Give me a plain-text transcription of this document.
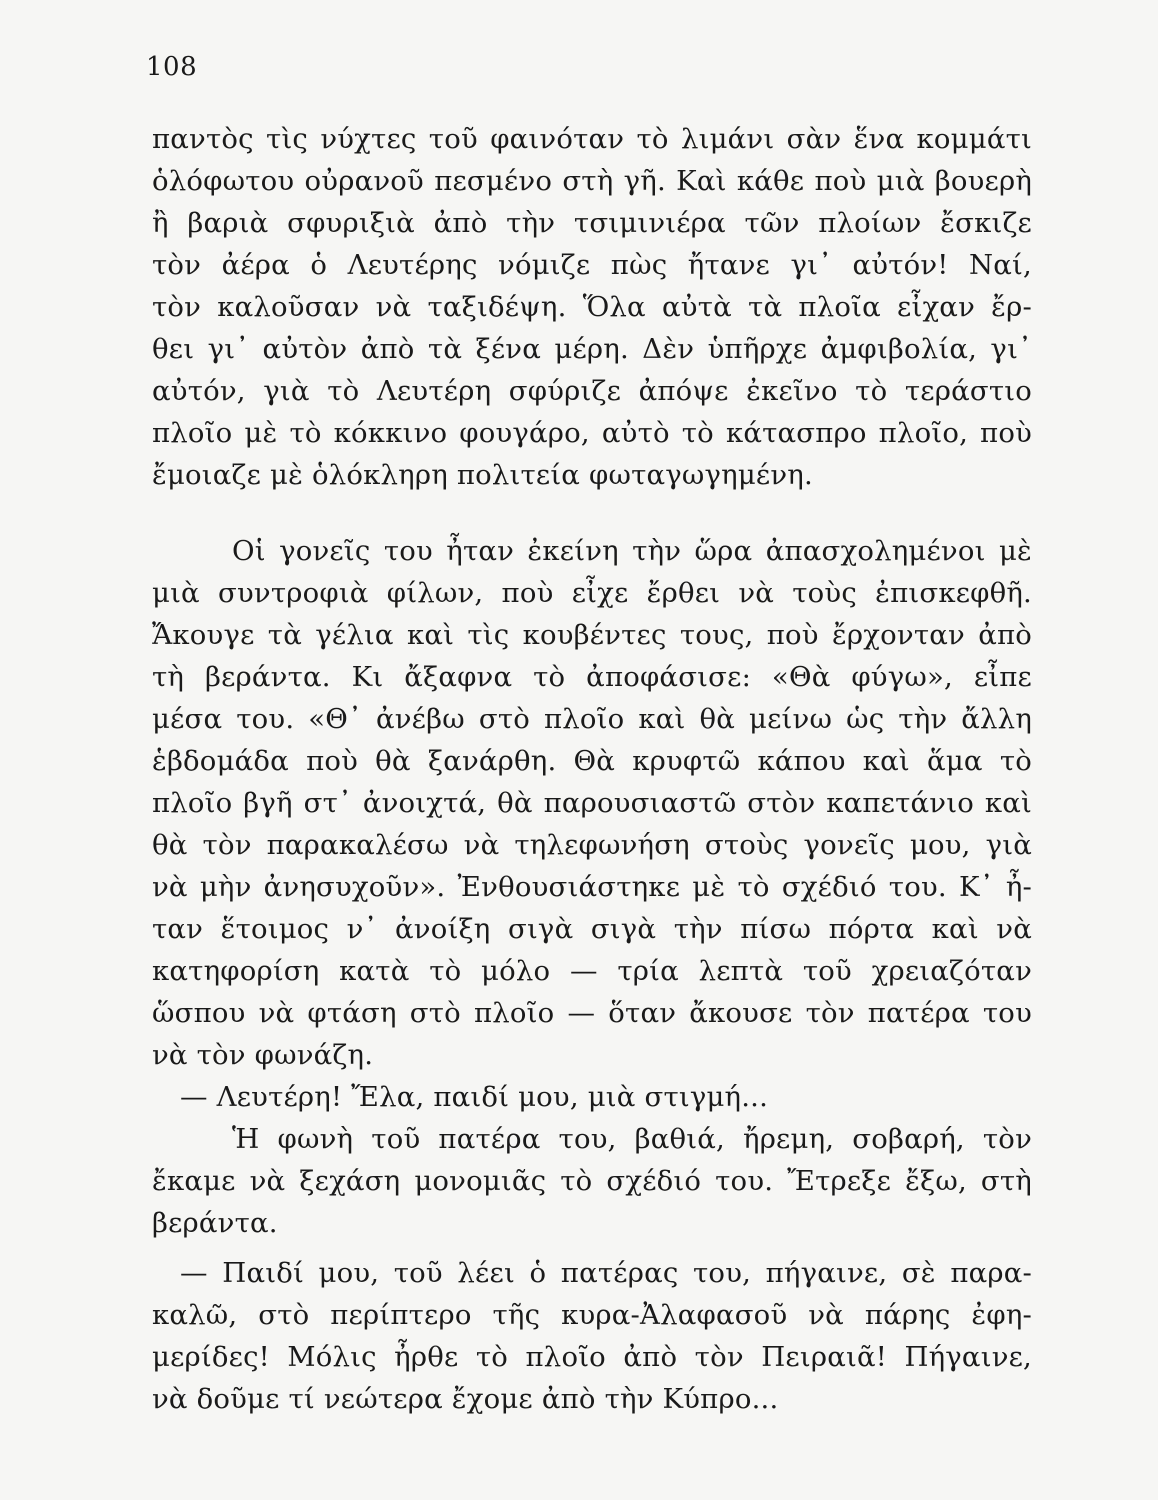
108

παντὸς τὶς νύχτες τοῦ φαινόταν τὸ λιμάνι σὰν ἕνα κομμάτι
ὁλόφωτου οὐρανοῦ πεσμένο στὴ γῆ. Καὶ κάθε ποὺ μιὰ βουερὴ
ἢ βαριὰ σφυριξιὰ ἀπὸ τὴν τσιμινιέρα τῶν πλοίων ἔσκιζε
τὸν ἀέρα ὁ Λευτέρης νόμιζε πὼς ἤτανε γι᾿ αὐτόν! Ναί,
τὸν καλοῦσαν νὰ ταξιδέψη. Ὅλα αὐτὰ τὰ πλοῖα εἶχαν ἔρ-
θει γι᾿ αὐτὸν ἀπὸ τὰ ξένα μέρη. Δὲν ὑπῆρχε ἀμφιβολία, γι᾿
αὐτόν, γιὰ τὸ Λευτέρη σφύριζε ἀπόψε ἐκεῖνο τὸ τεράστιο
πλοῖο μὲ τὸ κόκκινο φουγάρο, αὐτὸ τὸ κάτασπρο πλοῖο, ποὺ
ἔμοιαζε μὲ ὁλόκληρη πολιτεία φωταγωγημένη.

Οἱ γονεῖς του ἦταν ἐκείνη τὴν ὥρα ἀπασχολημένοι μὲ
μιὰ συντροφιὰ φίλων, ποὺ εἶχε ἔρθει νὰ τοὺς ἐπισκεφθῆ.
Ἄκουγε τὰ γέλια καὶ τὶς κουβέντες τους, ποὺ ἔρχονταν ἀπὸ
τὴ βεράντα. Κι ἄξαφνα τὸ ἀποφάσισε: «Θὰ φύγω», εἶπε
μέσα του. «Θ᾿ ἀνέβω στὸ πλοῖο καὶ θὰ μείνω ὡς τὴν ἄλλη
ἑβδομάδα ποὺ θὰ ξανάρθη. Θὰ κρυφτῶ κάπου καὶ ἅμα τὸ
πλοῖο βγῆ στ᾿ ἀνοιχτά, θὰ παρουσιαστῶ στὸν καπετάνιο καὶ
θὰ τὸν παρακαλέσω νὰ τηλεφωνήση στοὺς γονεῖς μου, γιὰ
νὰ μὴν ἀνησυχοῦν». Ἐνθουσιάστηκε μὲ τὸ σχέδιό του. Κ᾿ ἦ-
ταν ἕτοιμος ν᾿ ἀνοίξη σιγὰ σιγὰ τὴν πίσω πόρτα καὶ νὰ
κατηφορίση κατὰ τὸ μόλο — τρία λεπτὰ τοῦ χρειαζόταν
ὥσπου νὰ φτάση στὸ πλοῖο — ὅταν ἄκουσε τὸν πατέρα του
νὰ τὸν φωνάζη.

— Λευτέρη! Ἔλα, παιδί μου, μιὰ στιγμή...

Ἡ φωνὴ τοῦ πατέρα του, βαθιά, ἤρεμη, σοβαρή, τὸν
ἔκαμε νὰ ξεχάση μονομιᾶς τὸ σχέδιό του. Ἔτρεξε ἔξω, στὴ
βεράντα.

— Παιδί μου, τοῦ λέει ὁ πατέρας του, πήγαινε, σὲ παρα-
καλῶ, στὸ περίπτερο τῆς κυρα-Ἀλαφασοῦ νὰ πάρης ἐφη-
μερίδες! Μόλις ἦρθε τὸ πλοῖο ἀπὸ τὸν Πειραιᾶ! Πήγαινε,
νὰ δοῦμε τί νεώτερα ἔχομε ἀπὸ τὴν Κύπρο...
